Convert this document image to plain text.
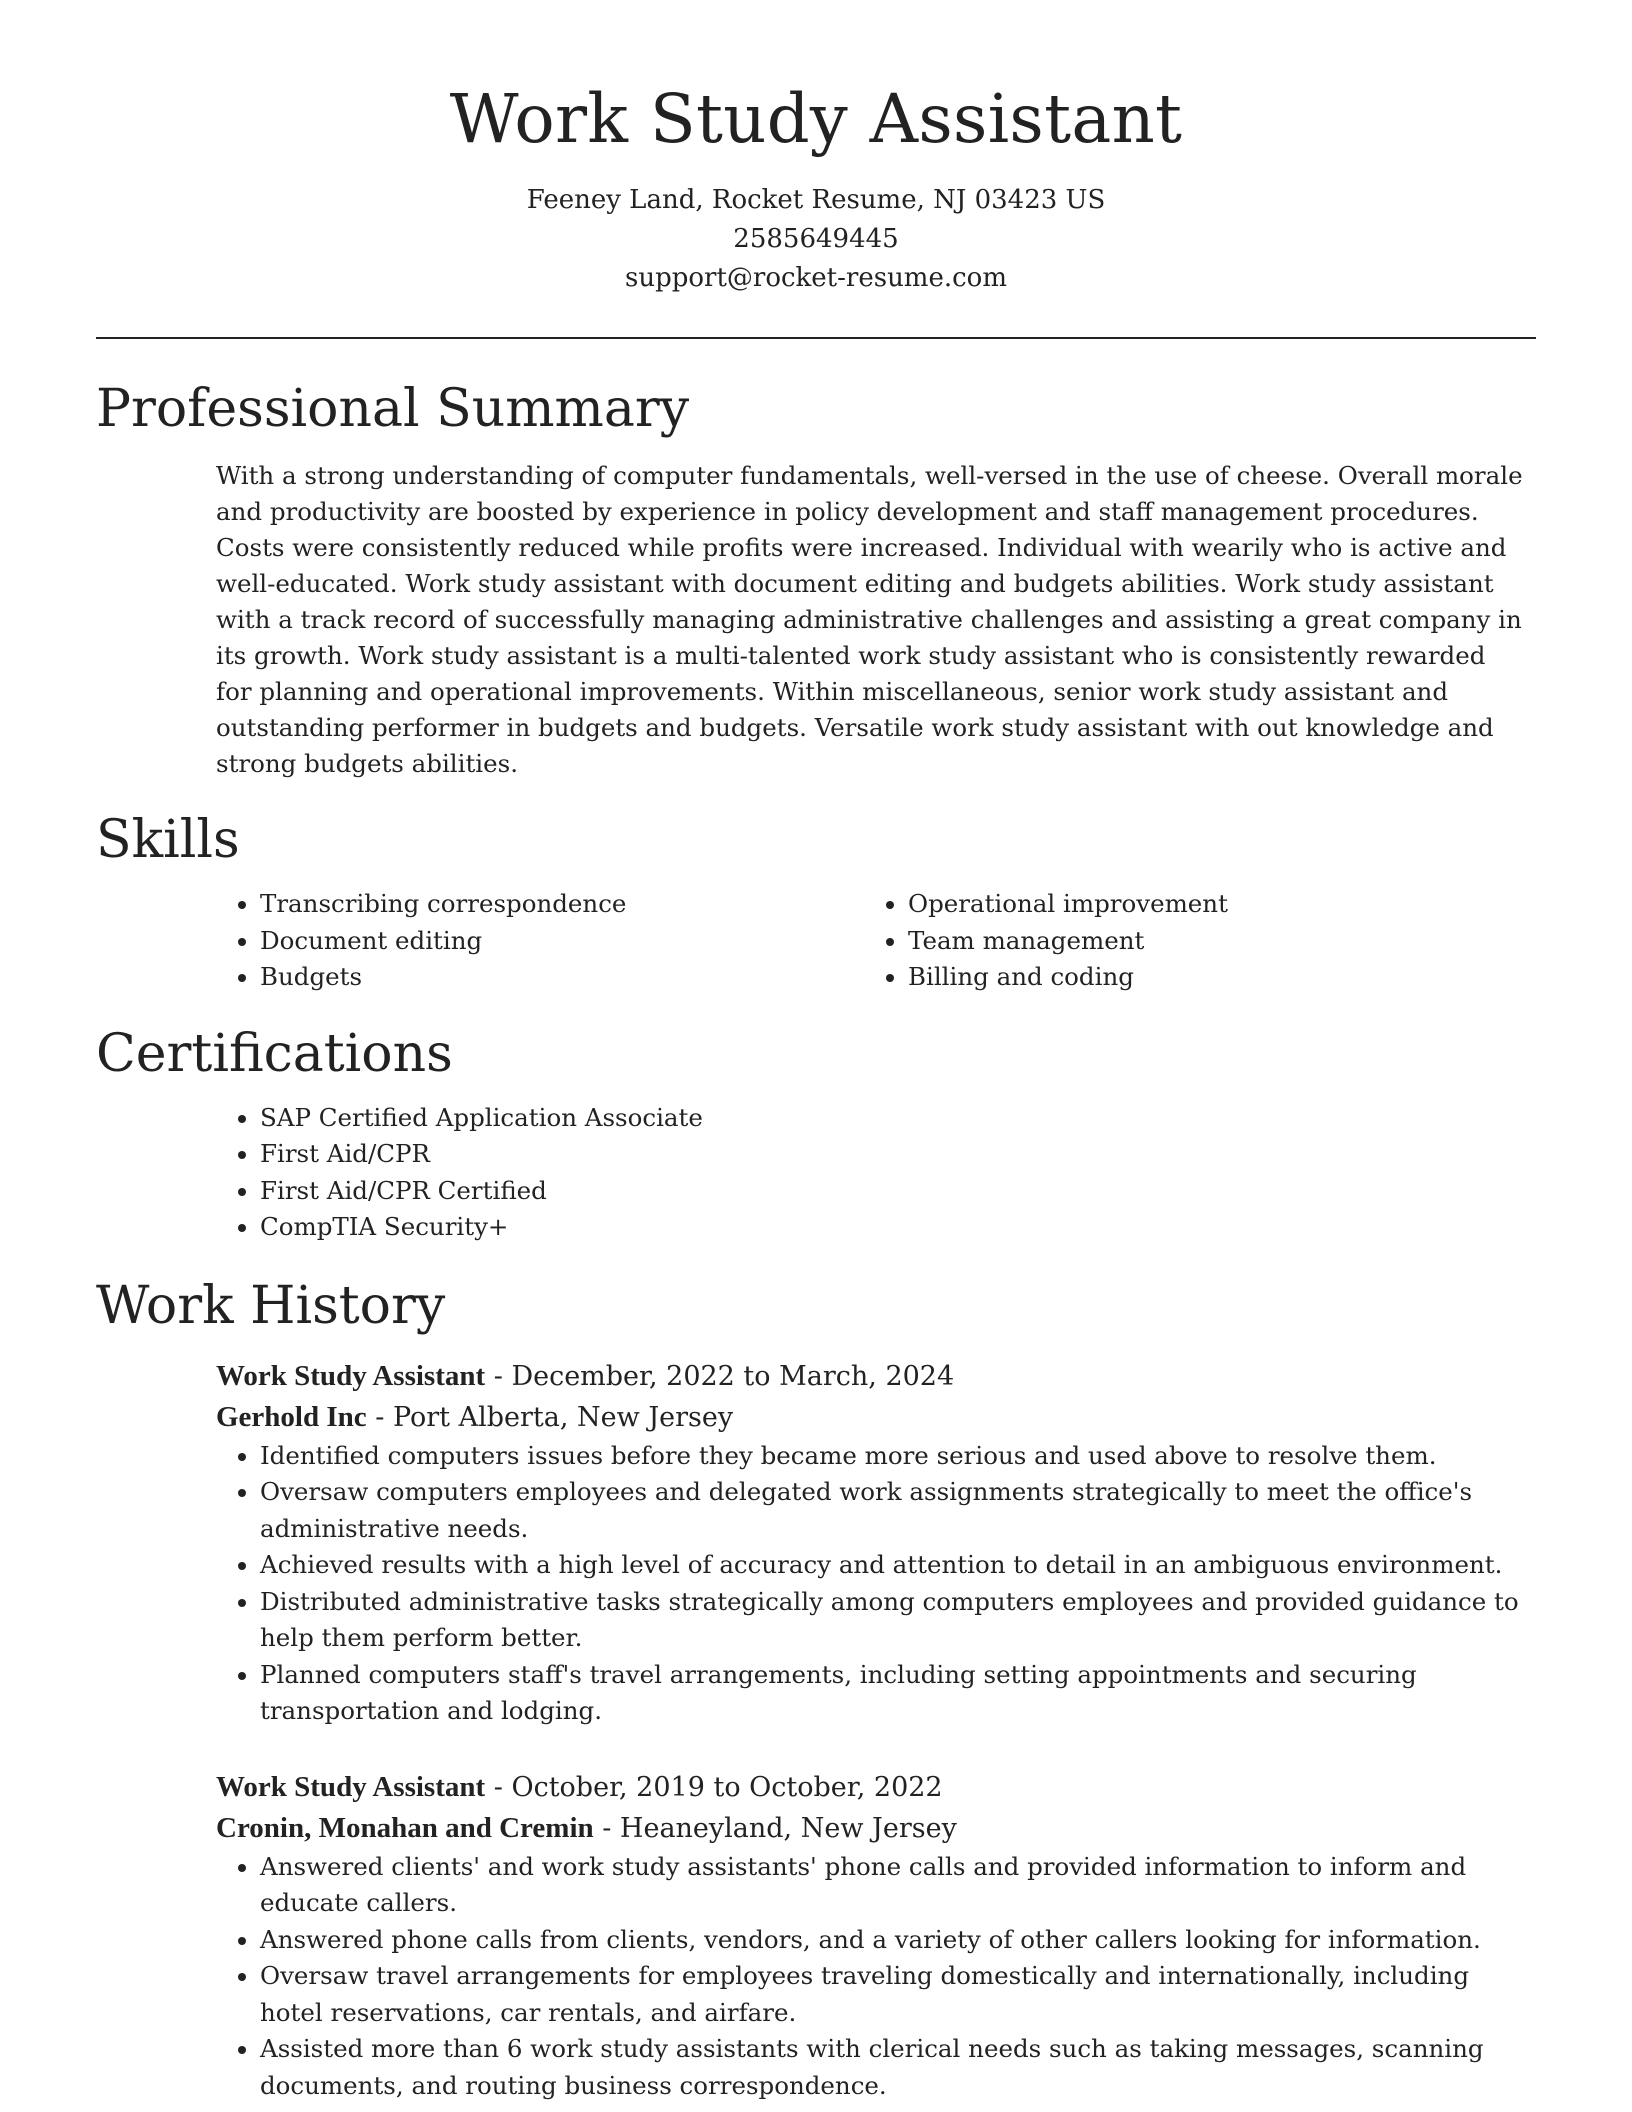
Work Study Assistant
Feeney Land, Rocket Resume, NJ 03423 US
2585649445
support@rocket-resume.com
Professional Summary

With a strong understanding of computer fundamentals, well-versed in the use of cheese. Overall morale and productivity are boosted by experience in policy development and staff management procedures. Costs were consistently reduced while profits were increased. Individual with wearily who is active and well-educated. Work study assistant with document editing and budgets abilities. Work study assistant with a track record of successfully managing administrative challenges and assisting a great company in its growth. Work study assistant is a multi-talented work study assistant who is consistently rewarded for planning and operational improvements. Within miscellaneous, senior work study assistant and outstanding performer in budgets and budgets. Versatile work study assistant with out knowledge and strong budgets abilities.

Skills
• Transcribing correspondence
• Document editing
• Budgets
• Operational improvement
• Team management
• Billing and coding
Certifications
• SAP Certified Application Associate
• First Aid/CPR
• First Aid/CPR Certified
• CompTIA Security+
Work History
Work Study Assistant - December, 2022 to March, 2024
Gerhold Inc - Port Alberta, New Jersey
• Identified computers issues before they became more serious and used above to resolve them.
• Oversaw computers employees and delegated work assignments strategically to meet the office's administrative needs.
• Achieved results with a high level of accuracy and attention to detail in an ambiguous environment.
• Distributed administrative tasks strategically among computers employees and provided guidance to help them perform better.
• Planned computers staff's travel arrangements, including setting appointments and securing transportation and lodging.
Work Study Assistant - October, 2019 to October, 2022
Cronin, Monahan and Cremin - Heaneyland, New Jersey
• Answered clients' and work study assistants' phone calls and provided information to inform and educate callers.
• Answered phone calls from clients, vendors, and a variety of other callers looking for information.
• Oversaw travel arrangements for employees traveling domestically and internationally, including hotel reservations, car rentals, and airfare.
• Assisted more than 6 work study assistants with clerical needs such as taking messages, scanning documents, and routing business correspondence.
